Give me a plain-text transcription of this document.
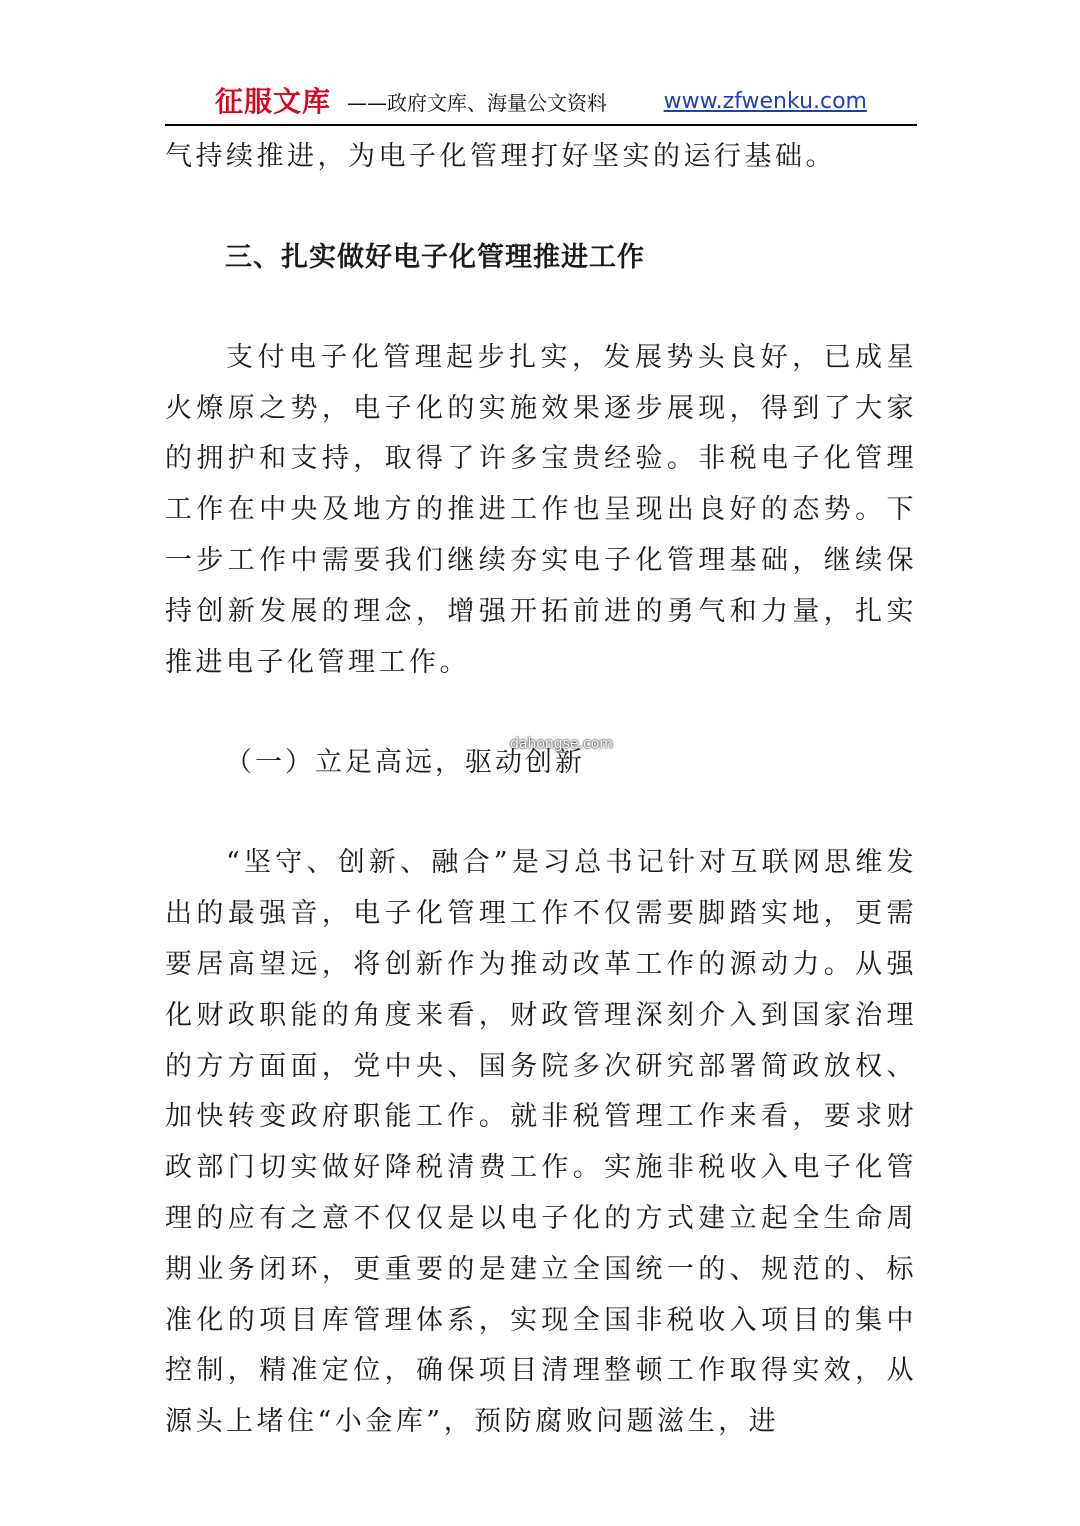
征服文库 ——政府文库、海量公文资料	www.zfwenku.com

气持续推进，为电子化管理打好坚实的运行基础。

三、扎实做好电子化管理推进工作

支付电子化管理起步扎实，发展势头良好，已成星火燎原之势，电子化的实施效果逐步展现，得到了大家的拥护和支持，取得了许多宝贵经验。非税电子化管理工作在中央及地方的推进工作也呈现出良好的态势。下一步工作中需要我们继续夯实电子化管理基础，继续保持创新发展的理念，增强开拓前进的勇气和力量，扎实推进电子化管理工作。

（一）立足高远，驱动创新

“坚守、创新、融合”是习总书记针对互联网思维发出的最强音，电子化管理工作不仅需要脚踏实地，更需要居高望远，将创新作为推动改革工作的源动力。从强化财政职能的角度来看，财政管理深刻介入到国家治理的方方面面，党中央、国务院多次研究部署简政放权、加快转变政府职能工作。就非税管理工作来看，要求财政部门切实做好降税清费工作。实施非税收入电子化管理的应有之意不仅仅是以电子化的方式建立起全生命周期业务闭环，更重要的是建立全国统一的、规范的、标准化的项目库管理体系，实现全国非税收入项目的集中控制，精准定位，确保项目清理整顿工作取得实效，从源头上堵住“小金库”，预防腐败问题滋生，进

dahongse.com
